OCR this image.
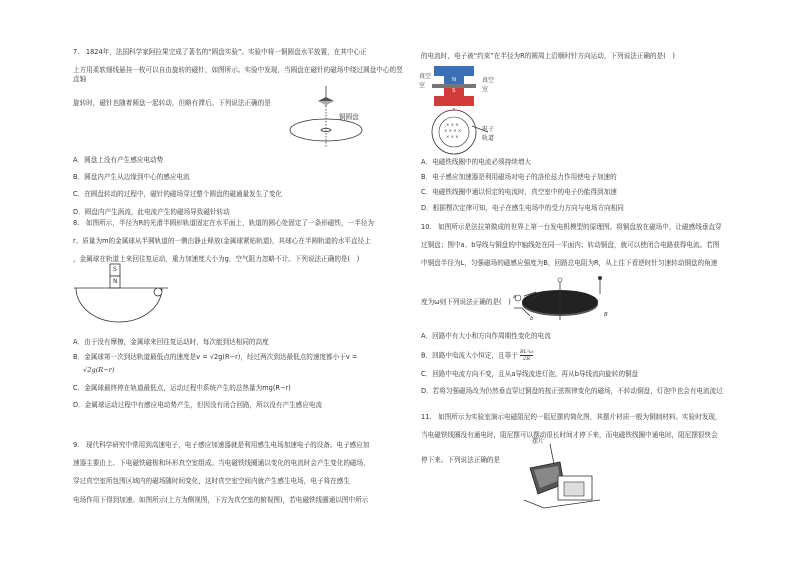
7.　1824年，法国科学家阿拉果完成了著名的“圆盘实验”。实验中将一铜圆盘水平放置，在其中心正
上方用柔软细线悬挂一枚可以自由旋转的磁针，如图所示。实验中发现，当圆盘在磁针的磁场中绕过圆盘中心的竖直轴
旋转时，磁针也随着圆盘一起转动，但略有滞后。下列说法正确的是
铜圆盘
A．圆盘上没有产生感应电动势
B．圆盘内产生从边缘到中心的感应电流
C．在圆盘转动的过程中，磁针的磁场穿过整个圆盘的磁通量发生了变化
D．圆盘内产生涡流，此电流产生的磁场导致磁针转动
8.　如图所示，半径为R的光滑半圆形轨道固定在水平面上，轨道的圆心处固定了一条形磁铁，一半径为
r、质量为m的金属球从半圆轨道的一侧由静止释放(金属球紧贴轨道)，其球心在半圆轨道的水平直径上
，金属球在轨道上来回往复运动，重力加速度大小为g，空气阻力忽略不计。下列说法正确的是(　)
S
N
A．由于没有摩擦，金属球来回往复运动时，每次能到达相同的高度
B．金属球第一次到达轨道最低点的速度是v = √2g(R−r)，经过两次到达最低点的速度都小于v =
√2g(R−r)
C．金属球最终停在轨道最低点，运动过程中系统产生的总热量为mg(R−r)
D．金属球运动过程中有感应电动势产生，但因没有闭合回路，所以没有产生感应电流
9.　现代科学研究中常用到高速电子，电子感应加速器就是利用感生电场加速电子的设备。电子感应加
速器主要由上、下电磁铁磁极和环形真空室组成。当电磁铁线圈通以变化的电流时会产生变化的磁场，
穿过真空室所包围区域内的磁场随时间变化，这时真空室空间内就产生感生电场，电子将在感生
电场作用下得到加速。如图所示(上方为侧视图，下方为真空室的俯视图)，若电磁铁线圈通以图中所示
的电流时，电子被“约束”在半径为R的圆周上沿顺时针方向运动，下列说法正确的是(　)
× × ×
× × × ×
× × ×
真空室
真空室
N
S
电子轨道
A．电磁铁线圈中的电流必须持续增大
B．电子感应加速器是利用磁场对电子的洛伦兹力作用使电子加速的
C．电磁铁线圈中通以恒定的电流时，真空室中的电子仍能得到加速
D．根据楞次定律可知，电子在感生电场中的受力方向与电场方向相同
10.　如图所示是法拉第做成的世界上第一台发电机模型的原理图。将铜盘放在磁场中，让磁感线垂直穿
过铜盘；图中a、b导线与铜盘的中轴线处在同一平面内；转动铜盘，就可以使闭合电路获得电流。若图
中铜盘半径为L，匀强磁场的磁感应强度为B，回路总电阻为R，从上往下看逆时针匀速转动铜盘的角速
度为ω则下列说法正确的是(　)
B
a
b
A．回路中有大小和方向作周期性变化的电流
B．回路中电流大小恒定，且等于 $\frac{\text{BL²ω}}{2R}$
C．回路中电流方向不变，且从a导线流进灯泡，再从b导线流向旋转的铜盘
D．若将匀强磁场改为仍然垂直穿过铜盘的按正弦规律变化的磁场，不转动铜盘，灯泡中也会有电流流过
11.　如图所示为实验室演示电磁阻尼的一阻尼摆的简化图，其摆片材质一般为铜制材料。实验时发现，
当电磁铁线圈没有通电时，阻尼摆可以摆动很长时间才停下来，而电磁铁线圈中通电时，阻尼摆很快会
停下来。下列说法正确的是
摆片
